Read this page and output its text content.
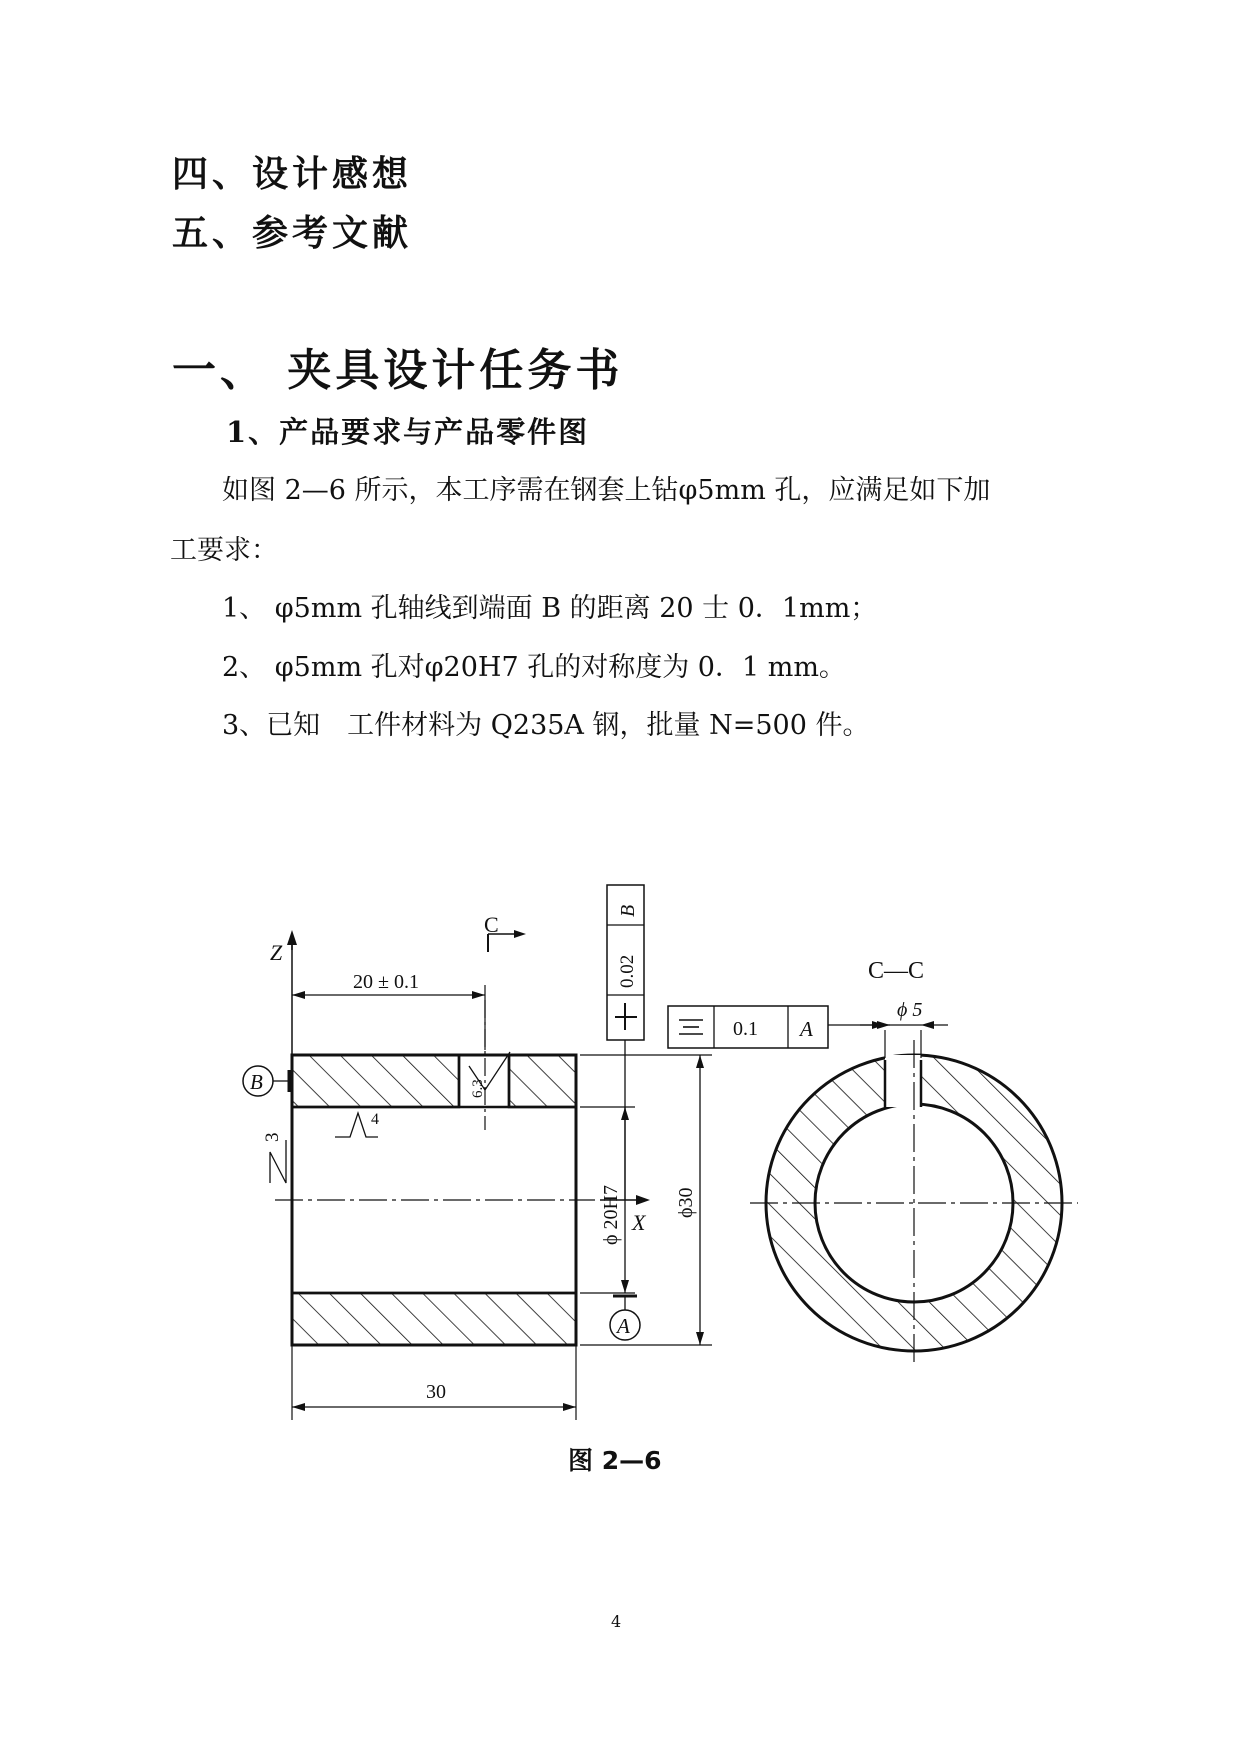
四、设计感想
五、参考文献
一、 夹具设计任务书
1、产品要求与产品零件图
如图 2—6 所示，本工序需在钢套上钻φ5mm 孔，应满足如下加
工要求：
1、 φ5mm 孔轴线到端面 B 的距离 20 士 0．1mm；
2、 φ5mm 孔对φ20H7 孔的对称度为 0．1 mm。
3、已知　工件材料为 Q235A 钢，批量 N=500 件。
Z
X
C
C—C
20 ± 0.1
30
ϕ30
ϕ 20H7
ϕ 5
6.3
4
3
A
B
0.02
B
0.1 A
图 2—6
4
